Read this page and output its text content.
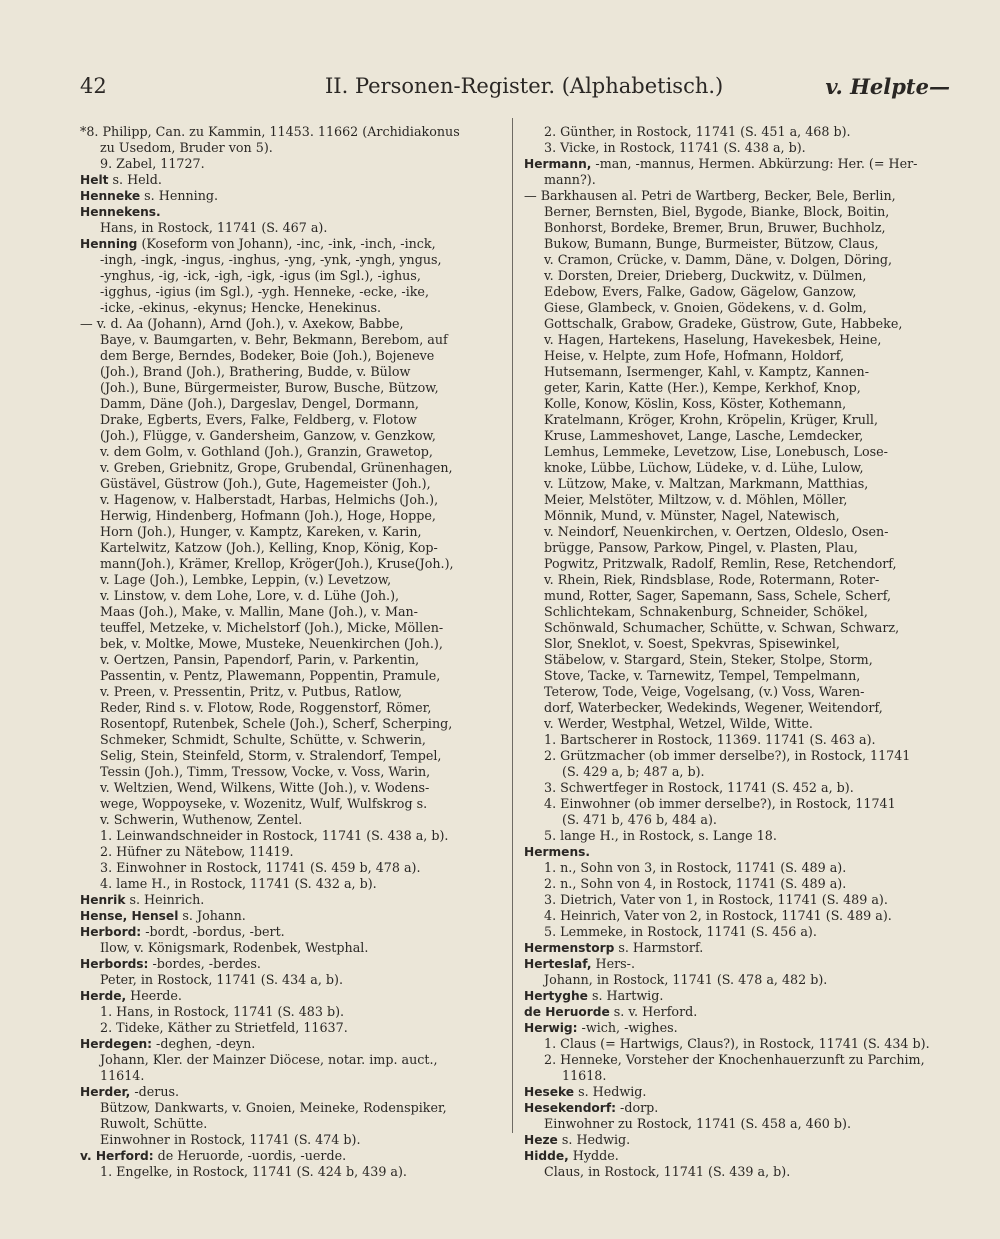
42	II. Personen-Register. (Alphabetisch.)	v. Helpte—
*8. Philipp, Can. zu Kammin, 11453. 11662 (Archidiakonus
zu Usedom, Bruder von 5).
9. Zabel, 11727.
Helt s. Held.
Henneke s. Henning.
Hennekens.
Hans, in Rostock, 11741 (S. 467 a).
Henning (Koseform von Johann), -inc, -ink, -inch, -inck,
-ingh, -ingk, -ingus, -inghus, -yng, -ynk, -yngh, yngus,
-ynghus, -ig, -ick, -igh, -igk, -igus (im Sgl.), -ighus,
-igghus, -igius (im Sgl.), -ygh. Henneke, -ecke, -ike,
-icke, -ekinus, -ekynus; Hencke, Henekinus.
— v. d. Aa (Johann), Arnd (Joh.), v. Axekow, Babbe,
Baye, v. Baumgarten, v. Behr, Bekmann, Berebom, auf
dem Berge, Berndes, Bodeker, Boie (Joh.), Bojeneve
(Joh.), Brand (Joh.), Brathering, Budde, v. Bülow
(Joh.), Bune, Bürgermeister, Burow, Busche, Bützow,
Damm, Däne (Joh.), Dargeslav, Dengel, Dormann,
Drake, Egberts, Evers, Falke, Feldberg, v. Flotow
(Joh.), Flügge, v. Gandersheim, Ganzow, v. Genzkow,
v. dem Golm, v. Gothland (Joh.), Granzin, Grawetop,
v. Greben, Griebnitz, Grope, Grubendal, Grünenhagen,
Güstävel, Güstrow (Joh.), Gute, Hagemeister (Joh.),
v. Hagenow, v. Halberstadt, Harbas, Helmichs (Joh.),
Herwig, Hindenberg, Hofmann (Joh.), Hoge, Hoppe,
Horn (Joh.), Hunger, v. Kamptz, Kareken, v. Karin,
Kartelwitz, Katzow (Joh.), Kelling, Knop, König, Kop-
mann(Joh.), Krämer, Krellop, Kröger(Joh.), Kruse(Joh.),
v. Lage (Joh.), Lembke, Leppin, (v.) Levetzow,
v. Linstow, v. dem Lohe, Lore, v. d. Lühe (Joh.),
Maas (Joh.), Make, v. Mallin, Mane (Joh.), v. Man-
teuffel, Metzeke, v. Michelstorf (Joh.), Micke, Möllen-
bek, v. Moltke, Mowe, Musteke, Neuenkirchen (Joh.),
v. Oertzen, Pansin, Papendorf, Parin, v. Parkentin,
Passentin, v. Pentz, Plawemann, Poppentin, Pramule,
v. Preen, v. Pressentin, Pritz, v. Putbus, Ratlow,
Reder, Rind s. v. Flotow, Rode, Roggenstorf, Römer,
Rosentopf, Rutenbek, Schele (Joh.), Scherf, Scherping,
Schmeker, Schmidt, Schulte, Schütte, v. Schwerin,
Selig, Stein, Steinfeld, Storm, v. Stralendorf, Tempel,
Tessin (Joh.), Timm, Tressow, Vocke, v. Voss, Warin,
v. Weltzien, Wend, Wilkens, Witte (Joh.), v. Wodens-
wege, Woppoyseke, v. Wozenitz, Wulf, Wulfskrog s.
v. Schwerin, Wuthenow, Zentel.
1. Leinwandschneider in Rostock, 11741 (S. 438 a, b).
2. Hüfner zu Nätebow, 11419.
3. Einwohner in Rostock, 11741 (S. 459 b, 478 a).
4. lame H., in Rostock, 11741 (S. 432 a, b).
Henrik s. Heinrich.
Hense, Hensel s. Johann.
Herbord: -bordt, -bordus, -bert.
Ilow, v. Königsmark, Rodenbek, Westphal.
Herbords: -bordes, -berdes.
Peter, in Rostock, 11741 (S. 434 a, b).
Herde, Heerde.
1. Hans, in Rostock, 11741 (S. 483 b).
2. Tideke, Käther zu Strietfeld, 11637.
Herdegen: -deghen, -deyn.
Johann, Kler. der Mainzer Diöcese, notar. imp. auct.,
11614.
Herder, -derus.
Bützow, Dankwarts, v. Gnoien, Meineke, Rodenspiker,
Ruwolt, Schütte.
Einwohner in Rostock, 11741 (S. 474 b).
v. Herford: de Heruorde, -uordis, -uerde.
1. Engelke, in Rostock, 11741 (S. 424 b, 439 a).
2. Günther, in Rostock, 11741 (S. 451 a, 468 b).
3. Vicke, in Rostock, 11741 (S. 438 a, b).
Hermann, -man, -mannus, Hermen. Abkürzung: Her. (= Her-
mann?).
— Barkhausen al. Petri de Wartberg, Becker, Bele, Berlin,
Berner, Bernsten, Biel, Bygode, Bianke, Block, Boitin,
Bonhorst, Bordeke, Bremer, Brun, Bruwer, Buchholz,
Bukow, Bumann, Bunge, Burmeister, Bützow, Claus,
v. Cramon, Crücke, v. Damm, Däne, v. Dolgen, Döring,
v. Dorsten, Dreier, Drieberg, Duckwitz, v. Dülmen,
Edebow, Evers, Falke, Gadow, Gägelow, Ganzow,
Giese, Glambeck, v. Gnoien, Gödekens, v. d. Golm,
Gottschalk, Grabow, Gradeke, Güstrow, Gute, Habbeke,
v. Hagen, Hartekens, Haselung, Havekesbek, Heine,
Heise, v. Helpte, zum Hofe, Hofmann, Holdorf,
Hutsemann, Isermenger, Kahl, v. Kamptz, Kannen-
geter, Karin, Katte (Her.), Kempe, Kerkhof, Knop,
Kolle, Konow, Köslin, Koss, Köster, Kothemann,
Kratelmann, Kröger, Krohn, Kröpelin, Krüger, Krull,
Kruse, Lammeshovet, Lange, Lasche, Lemdecker,
Lemhus, Lemmeke, Levetzow, Lise, Lonebusch, Lose-
knoke, Lübbe, Lüchow, Lüdeke, v. d. Lühe, Lulow,
v. Lützow, Make, v. Maltzan, Markmann, Matthias,
Meier, Melstöter, Miltzow, v. d. Möhlen, Möller,
Mönnik, Mund, v. Münster, Nagel, Natewisch,
v. Neindorf, Neuenkirchen, v. Oertzen, Oldeslo, Osen-
brügge, Pansow, Parkow, Pingel, v. Plasten, Plau,
Pogwitz, Pritzwalk, Radolf, Remlin, Rese, Retchendorf,
v. Rhein, Riek, Rindsblase, Rode, Rotermann, Roter-
mund, Rotter, Sager, Sapemann, Sass, Schele, Scherf,
Schlichtekam, Schnakenburg, Schneider, Schökel,
Schönwald, Schumacher, Schütte, v. Schwan, Schwarz,
Slor, Sneklot, v. Soest, Spekvras, Spisewinkel,
Stäbelow, v. Stargard, Stein, Steker, Stolpe, Storm,
Stove, Tacke, v. Tarnewitz, Tempel, Tempelmann,
Teterow, Tode, Veige, Vogelsang, (v.) Voss, Waren-
dorf, Waterbecker, Wedekinds, Wegener, Weitendorf,
v. Werder, Westphal, Wetzel, Wilde, Witte.
1. Bartscherer in Rostock, 11369. 11741 (S. 463 a).
2. Grützmacher (ob immer derselbe?), in Rostock, 11741
(S. 429 a, b; 487 a, b).
3. Schwertfeger in Rostock, 11741 (S. 452 a, b).
4. Einwohner (ob immer derselbe?), in Rostock, 11741
(S. 471 b, 476 b, 484 a).
5. lange H., in Rostock, s. Lange 18.
Hermens.
1. n., Sohn von 3, in Rostock, 11741 (S. 489 a).
2. n., Sohn von 4, in Rostock, 11741 (S. 489 a).
3. Dietrich, Vater von 1, in Rostock, 11741 (S. 489 a).
4. Heinrich, Vater von 2, in Rostock, 11741 (S. 489 a).
5. Lemmeke, in Rostock, 11741 (S. 456 a).
Hermenstorp s. Harmstorf.
Herteslaf, Hers-.
Johann, in Rostock, 11741 (S. 478 a, 482 b).
Hertyghe s. Hartwig.
de Heruorde s. v. Herford.
Herwig: -wich, -wighes.
1. Claus (= Hartwigs, Claus?), in Rostock, 11741 (S. 434 b).
2. Henneke, Vorsteher der Knochenhauerzunft zu Parchim,
11618.
Heseke s. Hedwig.
Hesekendorf: -dorp.
Einwohner zu Rostock, 11741 (S. 458 a, 460 b).
Heze s. Hedwig.
Hidde, Hydde.
Claus, in Rostock, 11741 (S. 439 a, b).
